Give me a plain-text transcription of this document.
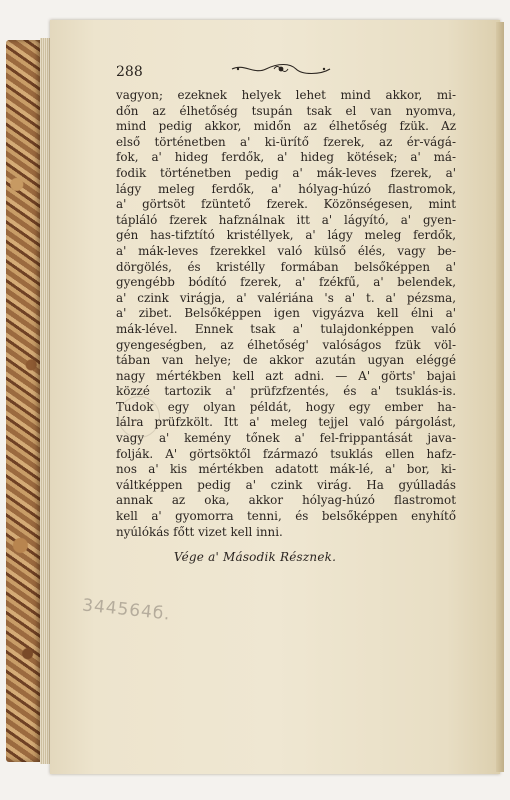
288
vagyon; ezeknek helyek lehet mind akkor, mi-
dőn az élhetőség tsupán tsak el van nyomva,
mind pedig akkor, midőn az élhetőség fzük. Az
első történetben a' ki-ürítő fzerek, az ér-vágá-
fok, a' hideg ferdők, a' hideg kötések; a' má-
fodik történetben pedig a' mák-leves fzerek, a'
lágy meleg ferdők, a' hólyag-húzó flastromok,
a' görtsöt fzüntető fzerek. Közönségesen, mint
tápláló fzerek hafználnak itt a' lágyító, a' gyen-
gén has-tifztító kristéllyek, a' lágy meleg ferdők,
a' mák-leves fzerekkel való külső élés, vagy be-
dörgölés, és kristélly formában belsőképpen a'
gyengébb bódító fzerek, a' fzékfű, a' belendek,
a' czink virágja, a' valériána 's a' t. a' pézsma,
a' zibet. Belsőképpen igen vigyázva kell élni a'
mák-lével. Ennek tsak a' tulajdonképpen való
gyengeségben, az élhetőség' valóságos fzük völ-
tában van helye; de akkor azután ugyan eléggé
nagy mértékben kell azt adni. — A' görts' bajai
közzé tartozik a' prüfzfzentés, és a' tsuklás-is.
Tudok egy olyan példát, hogy egy ember ha-
lálra prüfzkölt. Itt a' meleg tejjel való párgolást,
vagy a' kemény tőnek a' fel-frippantását java-
folják. A' görtsöktől fzármazó tsuklás ellen hafz-
nos a' kis mértékben adatott mák-lé, a' bor, ki-
váltképpen pedig a' czink virág. Ha gyúlladás
annak az oka, akkor hólyag-húzó flastromot
kell a' gyomorra tenni, és belsőképpen enyhítő
nyúlókás főtt vizet kell inni.
Vége a' Második Résznek.
344564б.
